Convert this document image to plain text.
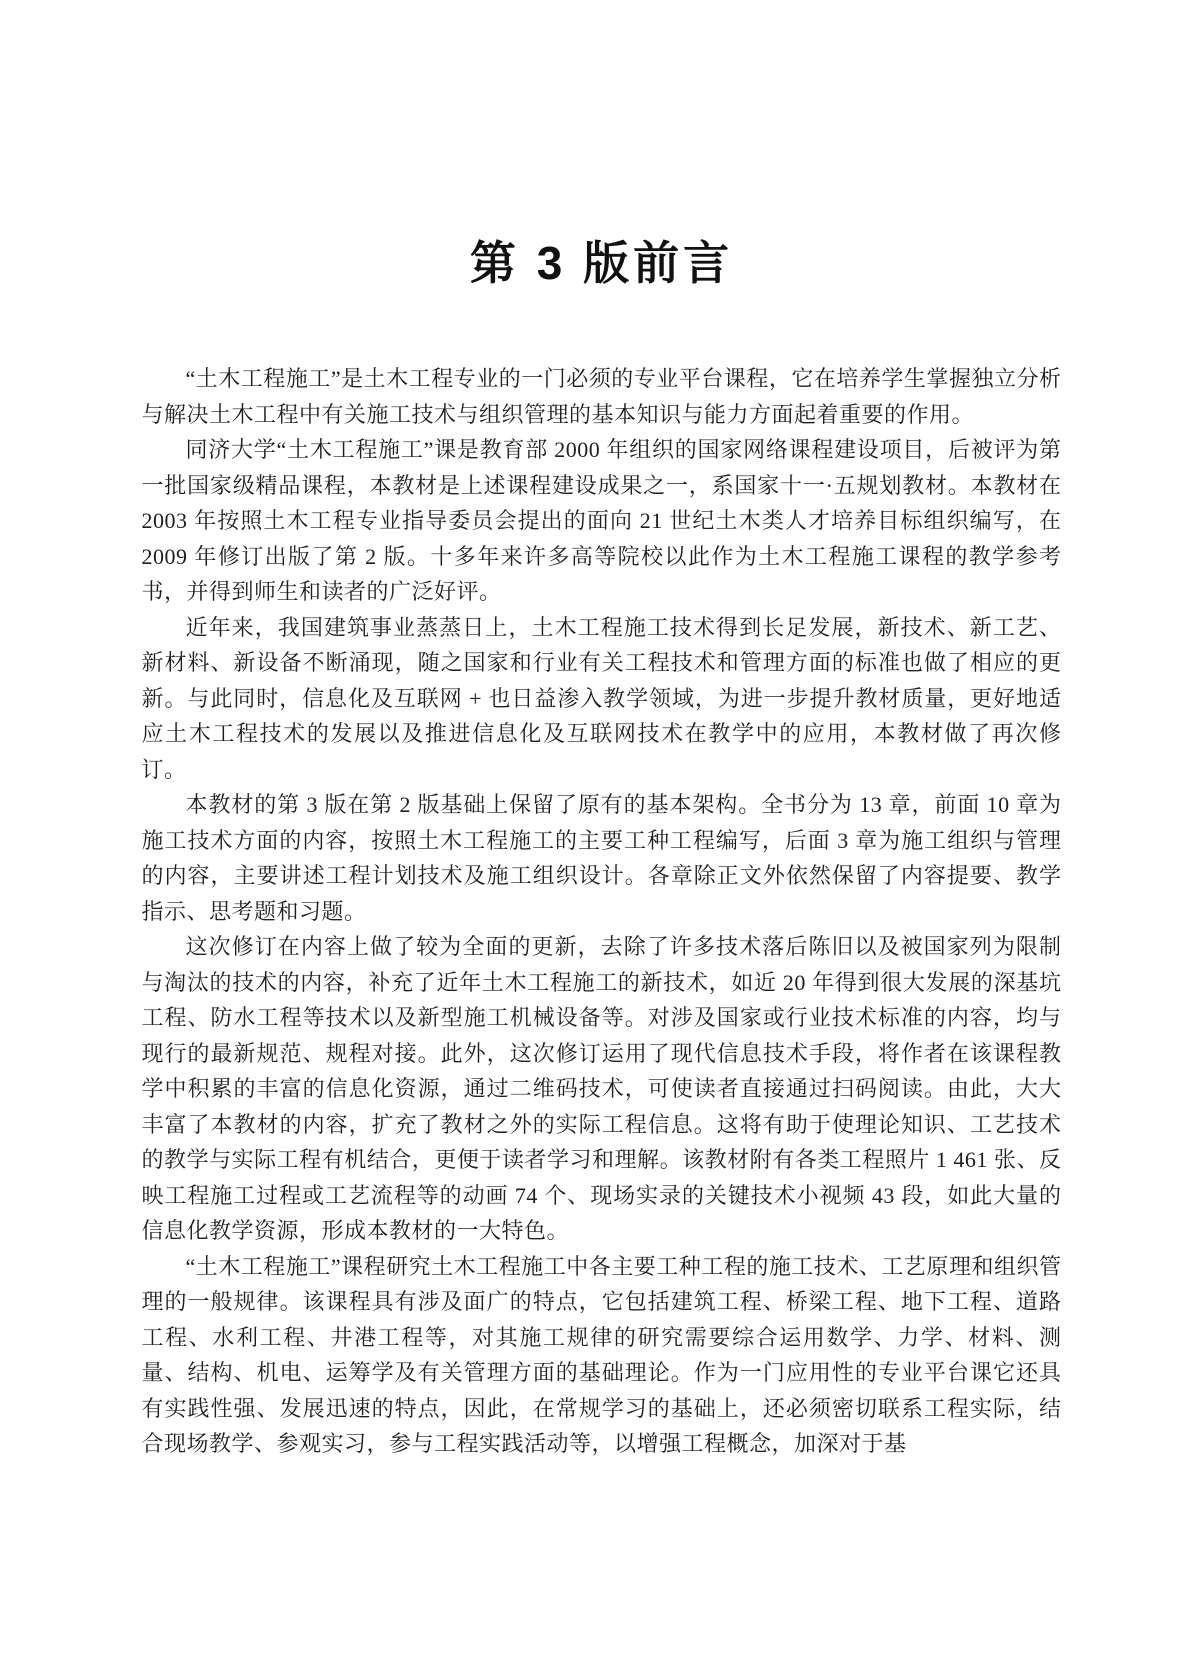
第 3 版前言

“土木工程施工”是土木工程专业的一门必须的专业平台课程，它在培养学生掌握独立分析与解决土木工程中有关施工技术与组织管理的基本知识与能力方面起着重要的作用。

同济大学“土木工程施工”课是教育部 2000 年组织的国家网络课程建设项目，后被评为第一批国家级精品课程，本教材是上述课程建设成果之一，系国家十一·五规划教材。本教材在 2003 年按照土木工程专业指导委员会提出的面向 21 世纪土木类人才培养目标组织编写，在 2009 年修订出版了第 2 版。十多年来许多高等院校以此作为土木工程施工课程的教学参考书，并得到师生和读者的广泛好评。

近年来，我国建筑事业蒸蒸日上，土木工程施工技术得到长足发展，新技术、新工艺、新材料、新设备不断涌现，随之国家和行业有关工程技术和管理方面的标准也做了相应的更新。与此同时，信息化及互联网 + 也日益渗入教学领域，为进一步提升教材质量，更好地适应土木工程技术的发展以及推进信息化及互联网技术在教学中的应用，本教材做了再次修订。

本教材的第 3 版在第 2 版基础上保留了原有的基本架构。全书分为 13 章，前面 10 章为施工技术方面的内容，按照土木工程施工的主要工种工程编写，后面 3 章为施工组织与管理的内容，主要讲述工程计划技术及施工组织设计。各章除正文外依然保留了内容提要、教学指示、思考题和习题。

这次修订在内容上做了较为全面的更新，去除了许多技术落后陈旧以及被国家列为限制与淘汰的技术的内容，补充了近年土木工程施工的新技术，如近 20 年得到很大发展的深基坑工程、防水工程等技术以及新型施工机械设备等。对涉及国家或行业技术标准的内容，均与现行的最新规范、规程对接。此外，这次修订运用了现代信息技术手段，将作者在该课程教学中积累的丰富的信息化资源，通过二维码技术，可使读者直接通过扫码阅读。由此，大大丰富了本教材的内容，扩充了教材之外的实际工程信息。这将有助于使理论知识、工艺技术的教学与实际工程有机结合，更便于读者学习和理解。该教材附有各类工程照片 1 461 张、反映工程施工过程或工艺流程等的动画 74 个、现场实录的关键技术小视频 43 段，如此大量的信息化教学资源，形成本教材的一大特色。

“土木工程施工”课程研究土木工程施工中各主要工种工程的施工技术、工艺原理和组织管理的一般规律。该课程具有涉及面广的特点，它包括建筑工程、桥梁工程、地下工程、道路工程、水利工程、井港工程等，对其施工规律的研究需要综合运用数学、力学、材料、测量、结构、机电、运筹学及有关管理方面的基础理论。作为一门应用性的专业平台课它还具有实践性强、发展迅速的特点，因此，在常规学习的基础上，还必须密切联系工程实际，结合现场教学、参观实习，参与工程实践活动等，以增强工程概念，加深对于基
